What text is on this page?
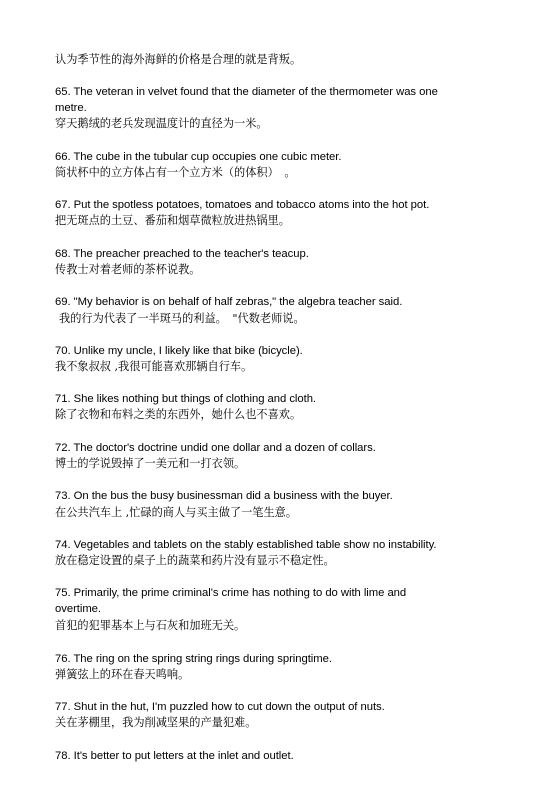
认为季节性的海外海鲜的价格是合理的就是背叛。
65. The veteran in velvet found that the diameter of the thermometer was one
metre.
穿天鹅绒的老兵发现温度计的直径为一米。
66. The cube in the tubular cup occupies one cubic meter.
筒状杯中的立方体占有一个立方米（的体积）　。
67. Put the spotless potatoes, tomatoes and tobacco atoms into the hot pot.
把无斑点的土豆、番茄和烟草微粒放进热锅里。
68. The preacher preached to the teacher's teacup.
传教士对着老师的茶杯说教。
69. "My behavior is on behalf of half zebras," the algebra teacher said.
我的行为代表了一半斑马的利益。　"代数老师说。
70. Unlike my uncle, I likely like that bike (bicycle).
我不象叔叔 ,我很可能喜欢那辆自行车。
71. She likes nothing but things of clothing and cloth.
除了衣物和布料之类的东西外，她什么也不喜欢。
72. The doctor's doctrine undid one dollar and a dozen of collars.
博士的学说毁掉了一美元和一打衣领。
73. On the bus the busy businessman did a business with the buyer.
在公共汽车上 ,忙碌的商人与买主做了一笔生意。
74. Vegetables and tablets on the stably established table show no instability.
放在稳定设置的桌子上的蔬菜和药片没有显示不稳定性。
75. Primarily, the prime criminal's crime has nothing to do with lime and
overtime.
首犯的犯罪基本上与石灰和加班无关。
76. The ring on the spring string rings during springtime.
弹簧弦上的环在春天鸣响。
77. Shut in the hut, I'm puzzled how to cut down the output of nuts.
关在茅棚里，我为削减坚果的产量犯难。
78. It's better to put letters at the inlet and outlet.
